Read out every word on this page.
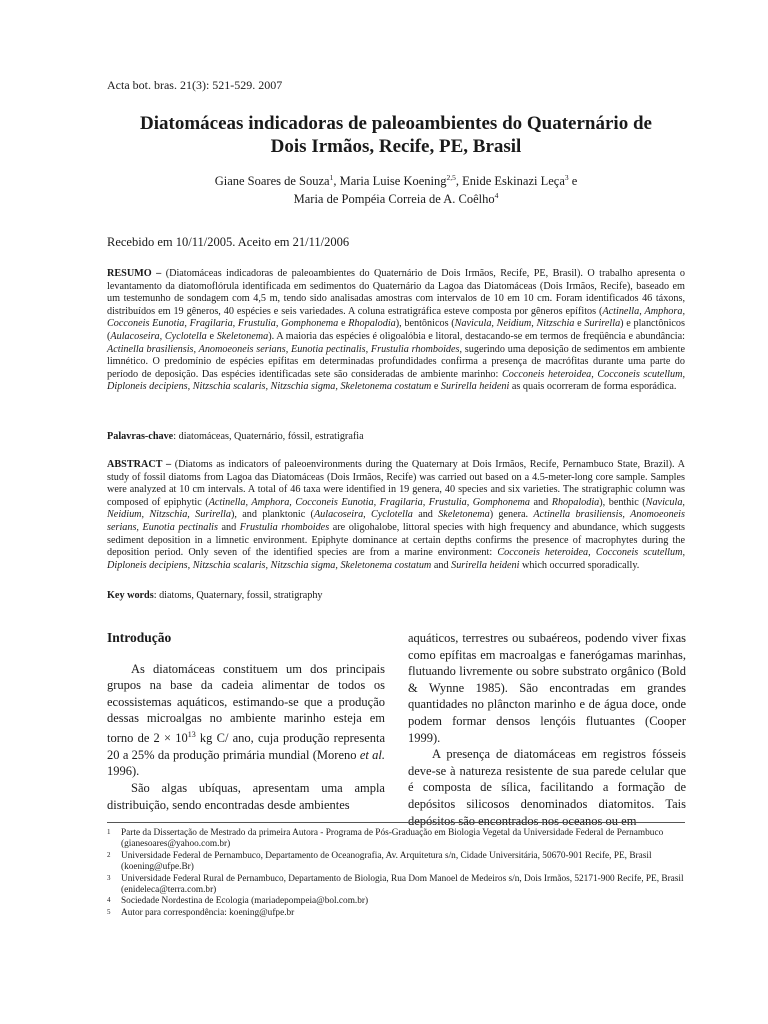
Acta bot. bras. 21(3): 521-529. 2007
Diatomáceas indicadoras de paleoambientes do Quaternário de
Dois Irmãos, Recife, PE, Brasil
Giane Soares de Souza$^1$, Maria Luise Koening$^{2,5}$, Enide Eskinazi Leça$^3$ e
Maria de Pompéia Correia de A. Coêlho$^4$
Recebido em 10/11/2005. Aceito em 21/11/2006
RESUMO – (Diatomáceas indicadoras de paleoambientes do Quaternário de Dois Irmãos, Recife, PE, Brasil). O trabalho apresenta o levantamento da diatomoflórula identificada em sedimentos do Quaternário da Lagoa das Diatomáceas (Dois Irmãos, Recife), baseado em um testemunho de sondagem com 4,5 m, tendo sido analisadas amostras com intervalos de 10 em 10 cm. Foram identificados 46 táxons, distribuídos em 19 gêneros, 40 espécies e seis variedades. A coluna estratigráfica esteve composta por gêneros epífitos (Actinella, Amphora, Cocconeis Eunotia, Fragilaria, Frustulia, Gomphonema e Rhopalodia), bentônicos (Navicula, Neidium, Nitzschia e Surirella) e planctônicos (Aulacoseira, Cyclotella e Skeletonema). A maioria das espécies é oligoalóbia e litoral, destacando-se em termos de freqüência e abundância: Actinella brasiliensis, Anomoeoneis serians, Eunotia pectinalis, Frustulia rhomboides, sugerindo uma deposição de sedimentos em ambiente limnético. O predomínio de espécies epífitas em determinadas profundidades confirma a presença de macrófitas durante uma parte do período de deposição. Das espécies identificadas sete são consideradas de ambiente marinho: Cocconeis heteroidea, Cocconeis scutellum, Diploneis decipiens, Nitzschia scalaris, Nitzschia sigma, Skeletonema costatum e Surirella heideni as quais ocorreram de forma esporádica.
Palavras-chave: diatomáceas, Quaternário, fóssil, estratigrafia
ABSTRACT – (Diatoms as indicators of paleoenvironments during the Quaternary at Dois Irmãos, Recife, Pernambuco State, Brazil). A study of fossil diatoms from Lagoa das Diatomáceas (Dois Irmãos, Recife) was carried out based on a 4.5-meter-long core sample. Samples were analyzed at 10 cm intervals. A total of 46 taxa were identified in 19 genera, 40 species and six varieties. The stratigraphic column was composed of epiphytic (Actinella, Amphora, Cocconeis Eunotia, Fragilaria, Frustulia, Gomphonema and Rhopalodia), benthic (Navicula, Neidium, Nitzschia, Surirella), and planktonic (Aulacoseira, Cyclotella and Skeletonema) genera. Actinella brasiliensis, Anomoeoneis serians, Eunotia pectinalis and Frustulia rhomboides are oligohalobe, littoral species with high frequency and abundance, which suggests sediment deposition in a limnetic environment. Epiphyte dominance at certain depths confirms the presence of macrophytes during the deposition period. Only seven of the identified species are from a marine environment: Cocconeis heteroidea, Cocconeis scutellum, Diploneis decipiens, Nitzschia scalaris, Nitzschia sigma, Skeletonema costatum and Surirella heideni which occurred sporadically.
Key words: diatoms, Quaternary, fossil, stratigraphy
Introdução

As diatomáceas constituem um dos principais grupos na base da cadeia alimentar de todos os ecossistemas aquáticos, estimando-se que a produção dessas microalgas no ambiente marinho esteja em torno de $2 \times 10^{13}$ kg C/ ano, cuja produção representa 20 a 25% da produção primária mundial (Moreno et al. 1996).

São algas ubíquas, apresentam uma ampla distribuição, sendo encontradas desde ambientes

aquáticos, terrestres ou subaéreos, podendo viver fixas como epífitas em macroalgas e fanerógamas marinhas, flutuando livremente ou sobre substrato orgânico (Bold & Wynne 1985). São encontradas em grandes quantidades no plâncton marinho e de água doce, onde podem formar densos lençóis flutuantes (Cooper 1999).

A presença de diatomáceas em registros fósseis deve-se à natureza resistente de sua parede celular que é composta de sílica, facilitando a formação de depósitos silicosos denominados diatomitos. Tais depósitos são encontrados nos oceanos ou em

1	Parte da Dissertação de Mestrado da primeira Autora - Programa de Pós-Graduação em Biologia Vegetal da Universidade Federal de Pernambuco (gianesoares@yahoo.com.br)
2	Universidade Federal de Pernambuco, Departamento de Oceanografia, Av. Arquitetura s/n, Cidade Universitária, 50670-901 Recife, PE, Brasil (koening@ufpe.Br)
3	Universidade Federal Rural de Pernambuco, Departamento de Biologia, Rua Dom Manoel de Medeiros s/n, Dois Irmãos, 52171-900 Recife, PE, Brasil (enideleca@terra.com.br)
4	Sociedade Nordestina de Ecologia (mariadepompeia@bol.com.br)
5	Autor para correspondência: koening@ufpe.br
